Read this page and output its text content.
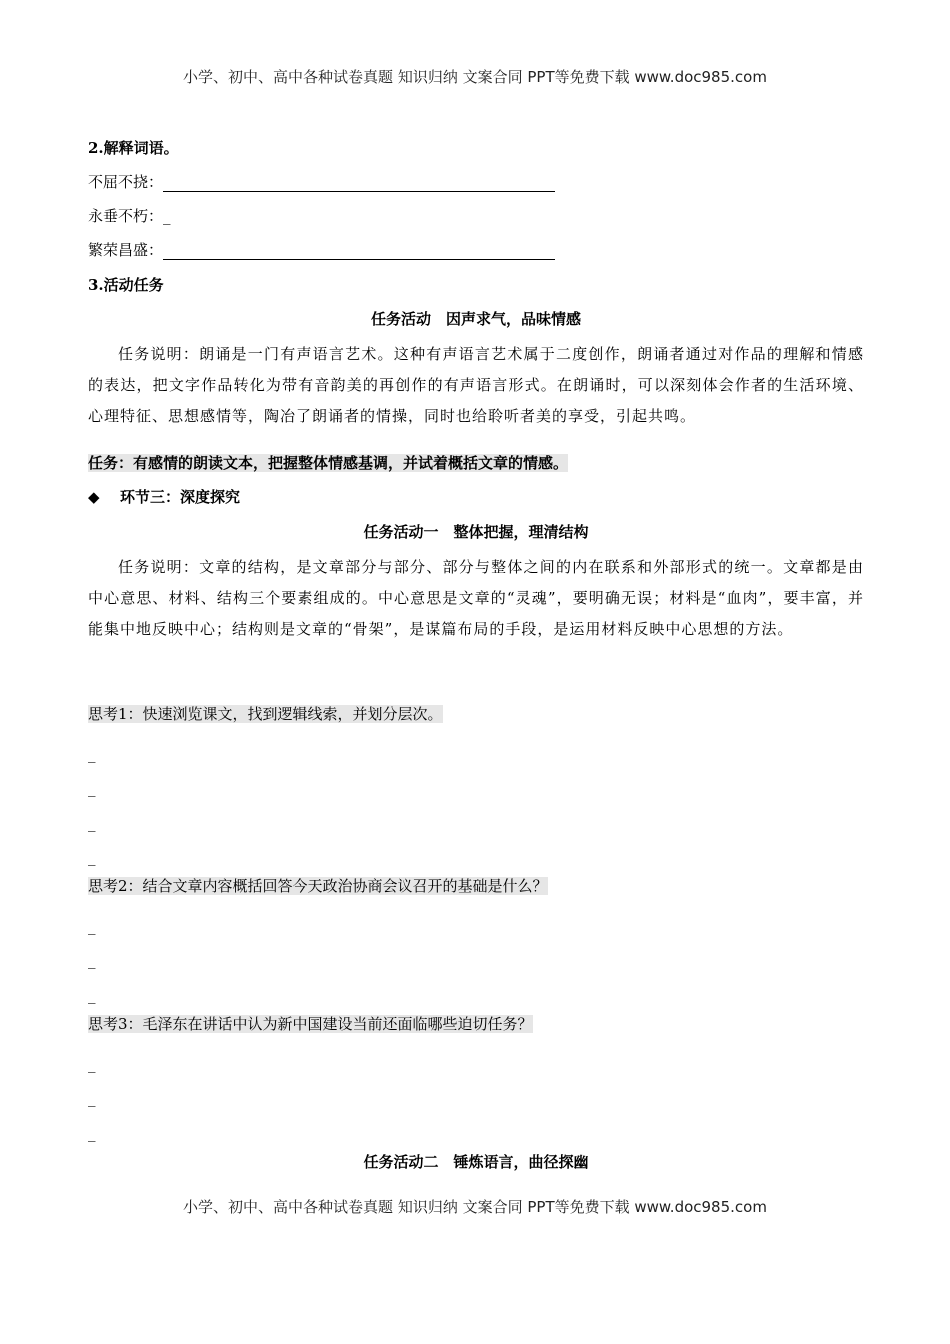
小学、初中、高中各种试卷真题 知识归纳 文案合同 PPT等免费下载 www.doc985.com
2.解释词语。
不屈不挠：
永垂不朽：_
繁荣昌盛：
3.活动任务
任务活动　因声求气，品味情感
任务说明：朗诵是一门有声语言艺术。这种有声语言艺术属于二度创作，朗诵者通过对作品的理解和情感的表达，把文字作品转化为带有音韵美的再创作的有声语言形式。在朗诵时，可以深刻体会作者的生活环境、心理特征、思想感情等，陶冶了朗诵者的情操，同时也给聆听者美的享受，引起共鸣。
任务：有感情的朗读文本，把握整体情感基调，并试着概括文章的情感。
◆ 环节三：深度探究
任务活动一　整体把握，理清结构
任务说明：文章的结构，是文章部分与部分、部分与整体之间的内在联系和外部形式的统一。文章都是由中心意思、材料、结构三个要素组成的。中心意思是文章的“灵魂”，要明确无误；材料是“血肉”，要丰富，并能集中地反映中心；结构则是文章的“骨架”，是谋篇布局的手段，是运用材料反映中心思想的方法。
思考1：快速浏览课文，找到逻辑线索，并划分层次。
_
_
_
_
思考2：结合文章内容概括回答今天政治协商会议召开的基础是什么？
_
_
_
思考3：毛泽东在讲话中认为新中国建设当前还面临哪些迫切任务？
_
_
_
任务活动二　锤炼语言，曲径探幽
小学、初中、高中各种试卷真题 知识归纳 文案合同 PPT等免费下载 www.doc985.com
